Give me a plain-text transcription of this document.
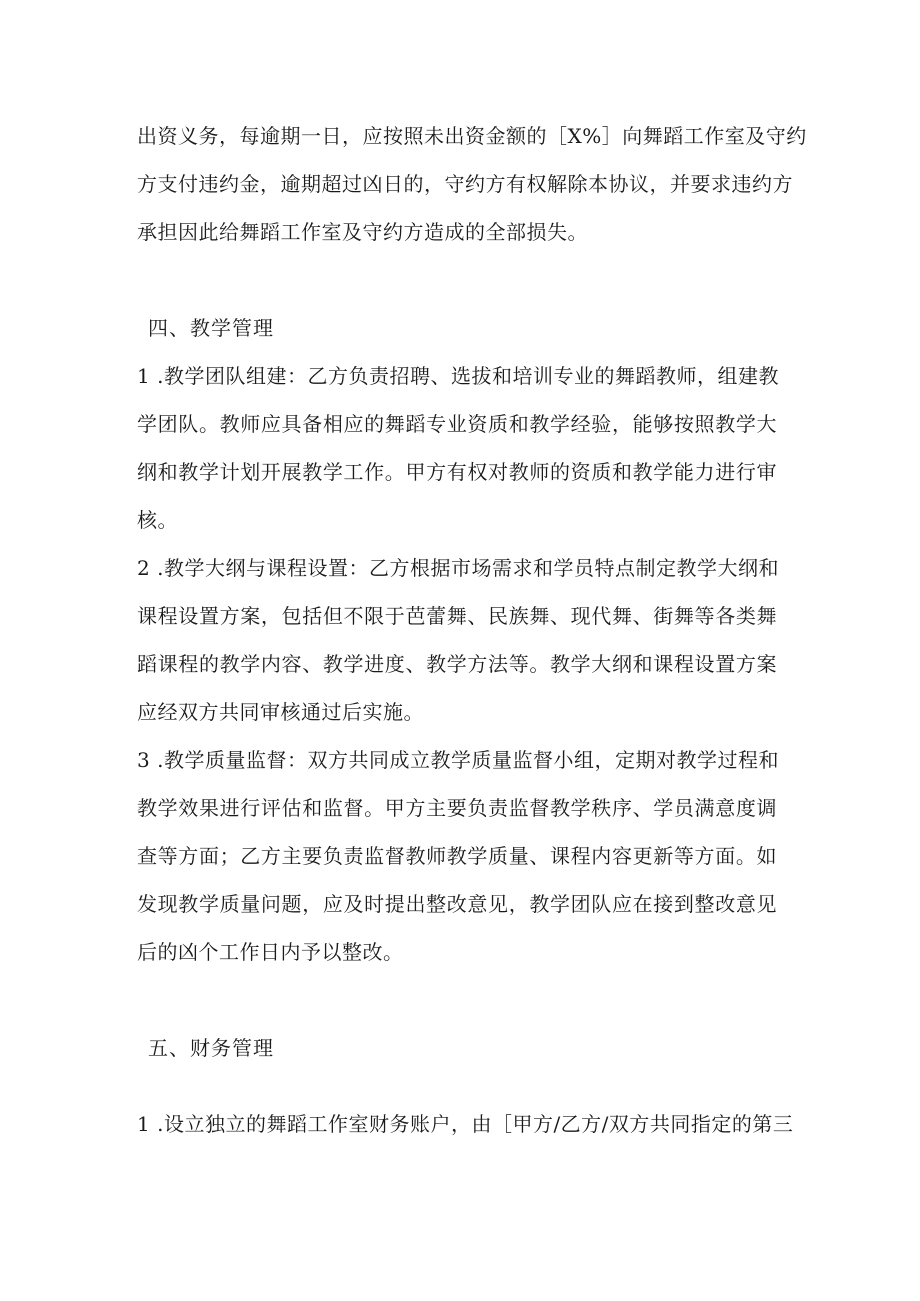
出资义务，每逾期一日，应按照未出资金额的［X%］向舞蹈工作室及守约
方支付违约金，逾期超过凶日的，守约方有权解除本协议，并要求违约方
承担因此给舞蹈工作室及守约方造成的全部损失。
四、教学管理
1 .教学团队组建：乙方负责招聘、选拔和培训专业的舞蹈教师，组建教
学团队。教师应具备相应的舞蹈专业资质和教学经验，能够按照教学大
纲和教学计划开展教学工作。甲方有权对教师的资质和教学能力进行审
核。
2 .教学大纲与课程设置：乙方根据市场需求和学员特点制定教学大纲和
课程设置方案，包括但不限于芭蕾舞、民族舞、现代舞、街舞等各类舞
蹈课程的教学内容、教学进度、教学方法等。教学大纲和课程设置方案
应经双方共同审核通过后实施。
3 .教学质量监督：双方共同成立教学质量监督小组，定期对教学过程和
教学效果进行评估和监督。甲方主要负责监督教学秩序、学员满意度调
查等方面；乙方主要负责监督教师教学质量、课程内容更新等方面。如
发现教学质量问题，应及时提出整改意见，教学团队应在接到整改意见
后的凶个工作日内予以整改。
五、财务管理
1 .设立独立的舞蹈工作室财务账户，由［甲方/乙方/双方共同指定的第三
